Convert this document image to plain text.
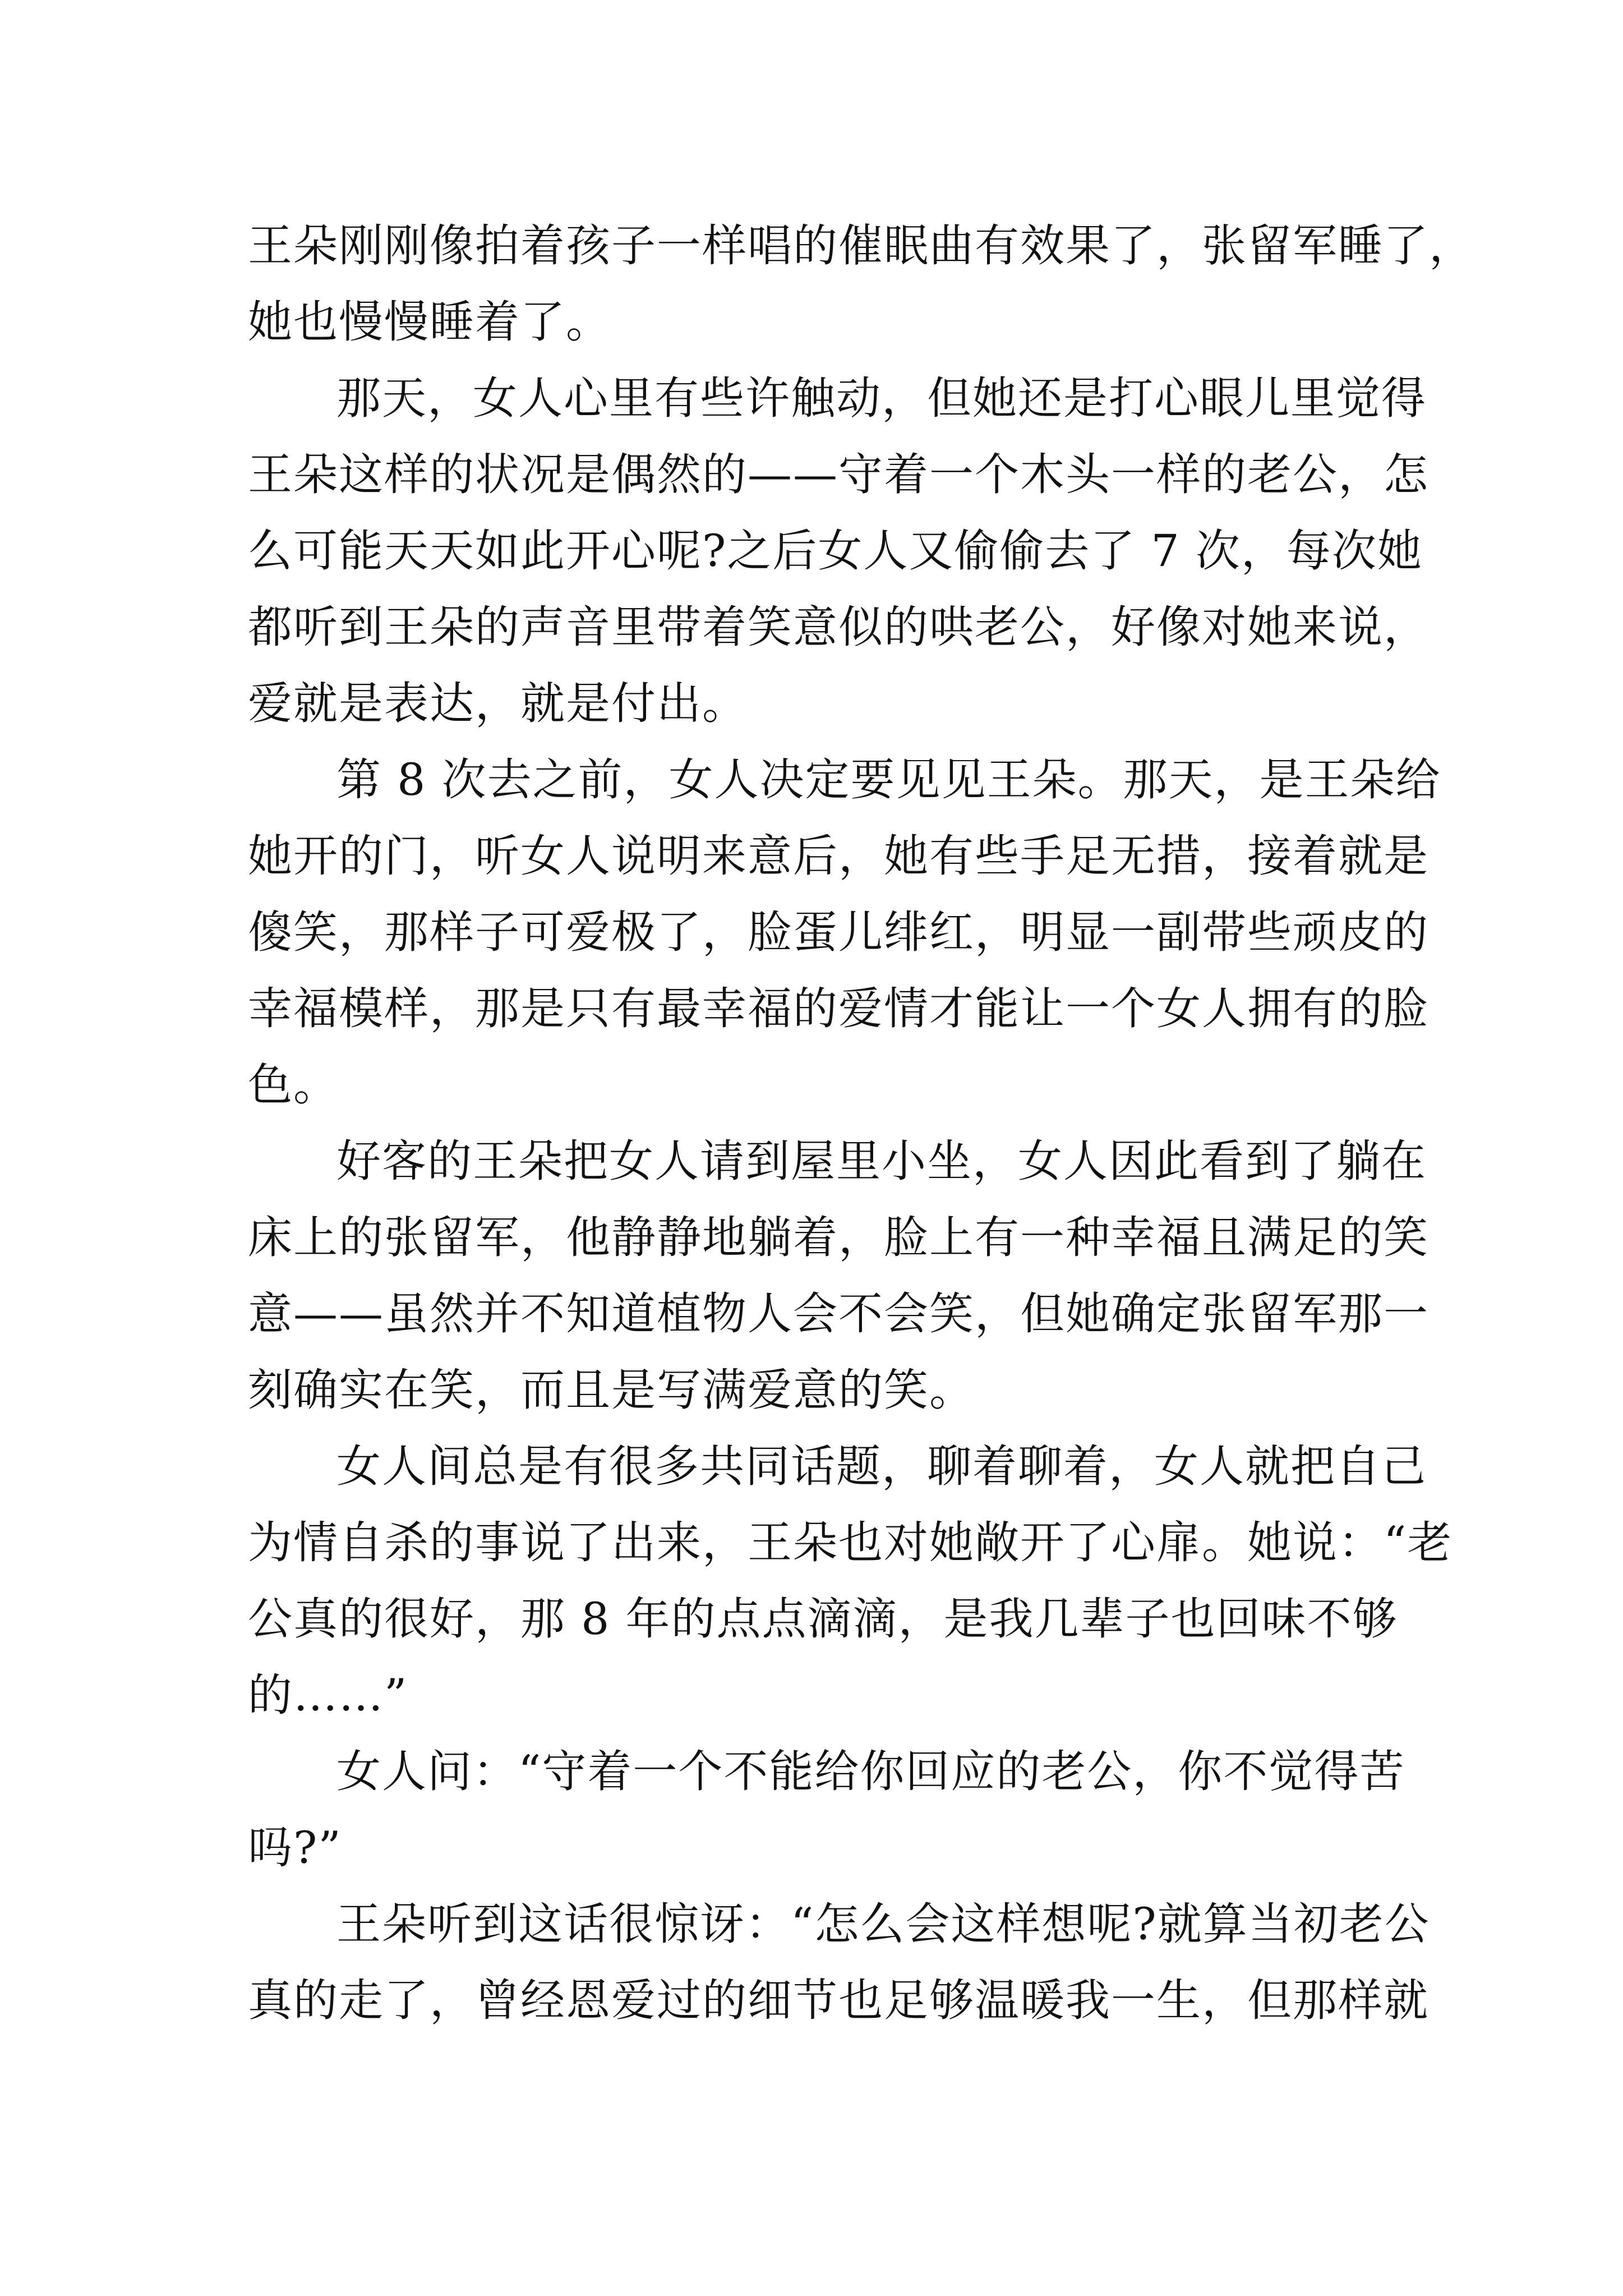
王朵刚刚像拍着孩子一样唱的催眠曲有效果了，张留军睡了，
她也慢慢睡着了。
那天，女人心里有些许触动，但她还是打心眼儿里觉得
王朵这样的状况是偶然的——守着一个木头一样的老公，怎
么可能天天如此开心呢?之后女人又偷偷去了 7 次，每次她
都听到王朵的声音里带着笑意似的哄老公，好像对她来说，
爱就是表达，就是付出。
第 8 次去之前，女人决定要见见王朵。那天，是王朵给
她开的门，听女人说明来意后，她有些手足无措，接着就是
傻笑，那样子可爱极了，脸蛋儿绯红，明显一副带些顽皮的
幸福模样，那是只有最幸福的爱情才能让一个女人拥有的脸
色。
好客的王朵把女人请到屋里小坐，女人因此看到了躺在
床上的张留军，他静静地躺着，脸上有一种幸福且满足的笑
意——虽然并不知道植物人会不会笑，但她确定张留军那一
刻确实在笑，而且是写满爱意的笑。
女人间总是有很多共同话题，聊着聊着，女人就把自己
为情自杀的事说了出来，王朵也对她敞开了心扉。她说：“老
公真的很好，那 8 年的点点滴滴，是我几辈子也回味不够
的……”
女人问：“守着一个不能给你回应的老公，你不觉得苦
吗?”
王朵听到这话很惊讶：“怎么会这样想呢?就算当初老公
真的走了，曾经恩爱过的细节也足够温暖我一生，但那样就
